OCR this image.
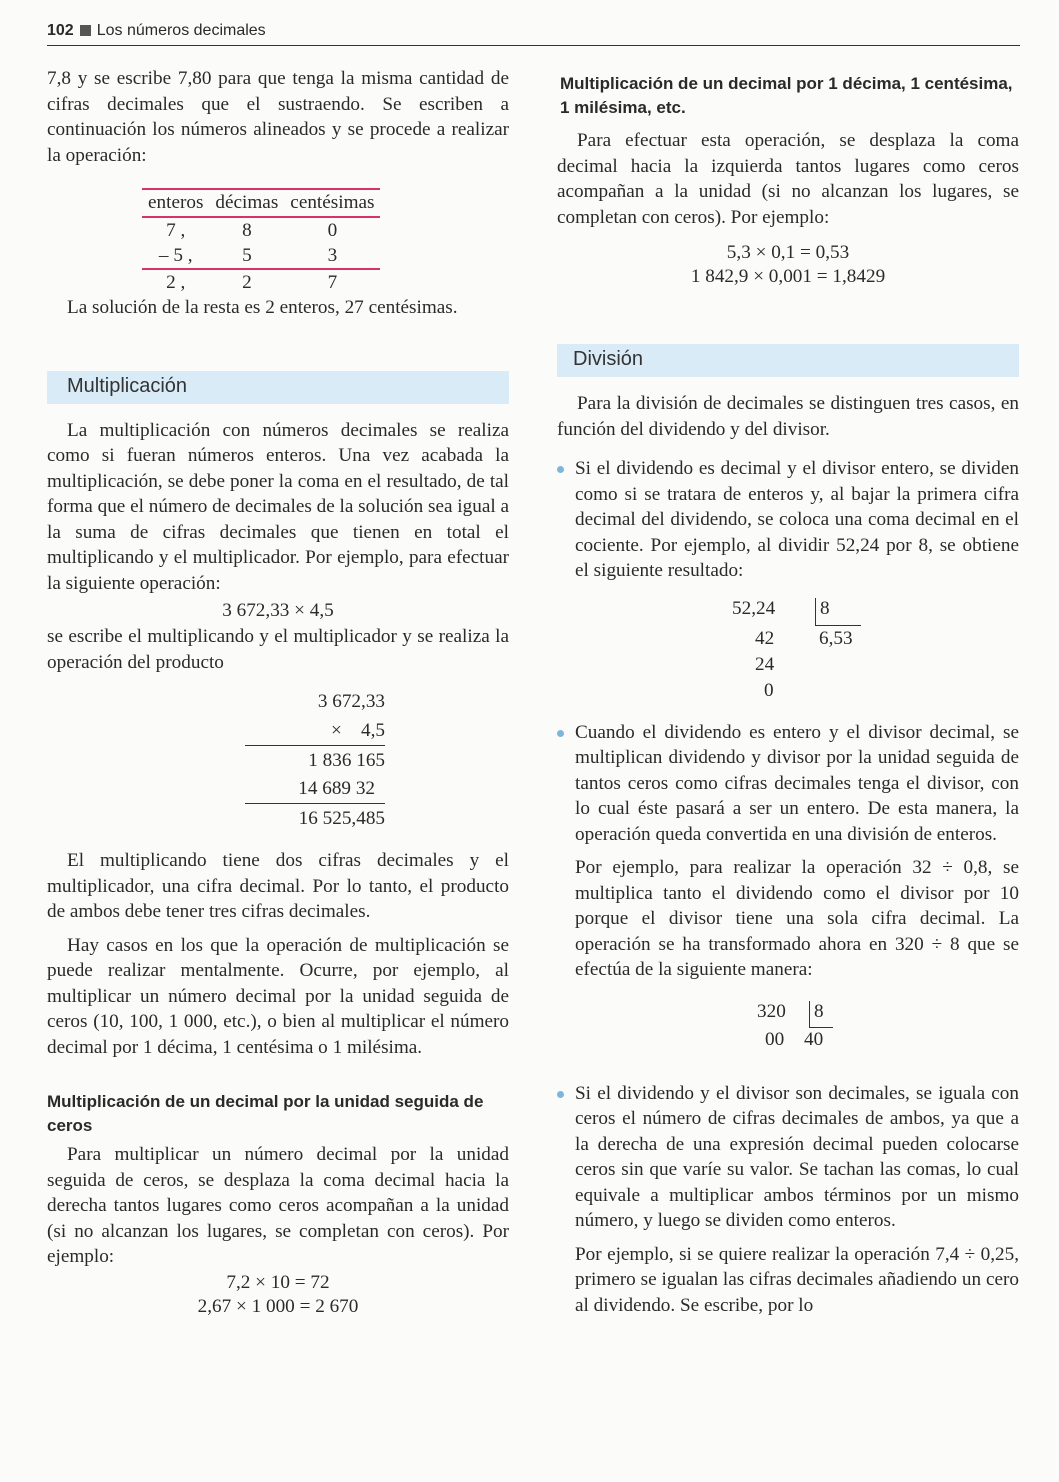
102 Los números decimales

7,8 y se escribe 7,80 para que tenga la misma cantidad de cifras decimales que el sustraendo. Se escriben a continuación los números alineados y se procede a realizar la operación:

enteros	décimas	centésimas
7 ,	8	0
– 5 ,	5	3
2 ,	2	7

La solución de la resta es 2 enteros, 27 centésimas.

Multiplicación

La multiplicación con números decimales se realiza como si fueran números enteros. Una vez acabada la multiplicación, se debe poner la coma en el resultado, de tal forma que el número de decimales de la solución sea igual a la suma de cifras decimales que tienen en total el multiplicando y el multiplicador. Por ejemplo, para efectuar la siguiente operación:

3 672,33 × 4,5

se escribe el multiplicando y el multiplicador y se realiza la operación del producto

3 672,33
×    4,5
1 836 165
14 689 32
16 525,485

El multiplicando tiene dos cifras decimales y el multiplicador, una cifra decimal. Por lo tanto, el producto de ambos debe tener tres cifras decimales.

Hay casos en los que la operación de multiplicación se puede realizar mentalmente. Ocurre, por ejemplo, al multiplicar un número decimal por la unidad seguida de ceros (10, 100, 1 000, etc.), o bien al multiplicar el número decimal por 1 décima, 1 centésima o 1 milésima.

Multiplicación de un decimal por la unidad seguida de ceros

Para multiplicar un número decimal por la unidad seguida de ceros, se desplaza la coma decimal hacia la derecha tantos lugares como ceros acompañan a la unidad (si no alcanzan los lugares, se completan con ceros). Por ejemplo:

7,2 × 10 = 72
2,67 × 1 000 = 2 670
Multiplicación de un decimal por 1 décima, 1 centésima, 1 milésima, etc.

Para efectuar esta operación, se desplaza la coma decimal hacia la izquierda tantos lugares como ceros acompañan a la unidad (si no alcanzan los lugares, se completan con ceros). Por ejemplo:

5,3 × 0,1 = 0,53
1 842,9 × 0,001 = 1,8429
División

Para la división de decimales se distinguen tres casos, en función del dividendo y del divisor.

Si el dividendo es decimal y el divisor entero, se dividen como si se tratara de enteros y, al bajar la primera cifra decimal del dividendo, se coloca una coma decimal en el cociente. Por ejemplo, al dividir 52,24 por 8, se obtiene el siguiente resultado:

52,24 8
42 6,53
24
0

Cuando el dividendo es entero y el divisor decimal, se multiplican dividendo y divisor por la unidad seguida de tantos ceros como cifras decimales tenga el divisor, con lo cual éste pasará a ser un entero. De esta manera, la operación queda convertida en una división de enteros.

Por ejemplo, para realizar la operación 32 ÷ 0,8, se multiplica tanto el dividendo como el divisor por 10 porque el divisor tiene una sola cifra decimal. La operación se ha transformado ahora en 320 ÷ 8 que se efectúa de la siguiente manera:

320 8
00 40

Si el dividendo y el divisor son decimales, se iguala con ceros el número de cifras decimales de ambos, ya que a la derecha de una expresión decimal pueden colocarse ceros sin que varíe su valor. Se tachan las comas, lo cual equivale a multiplicar ambos términos por un mismo número, y luego se dividen como enteros.

Por ejemplo, si se quiere realizar la operación 7,4 ÷ 0,25, primero se igualan las cifras decimales añadiendo un cero al dividendo. Se escribe, por lo
